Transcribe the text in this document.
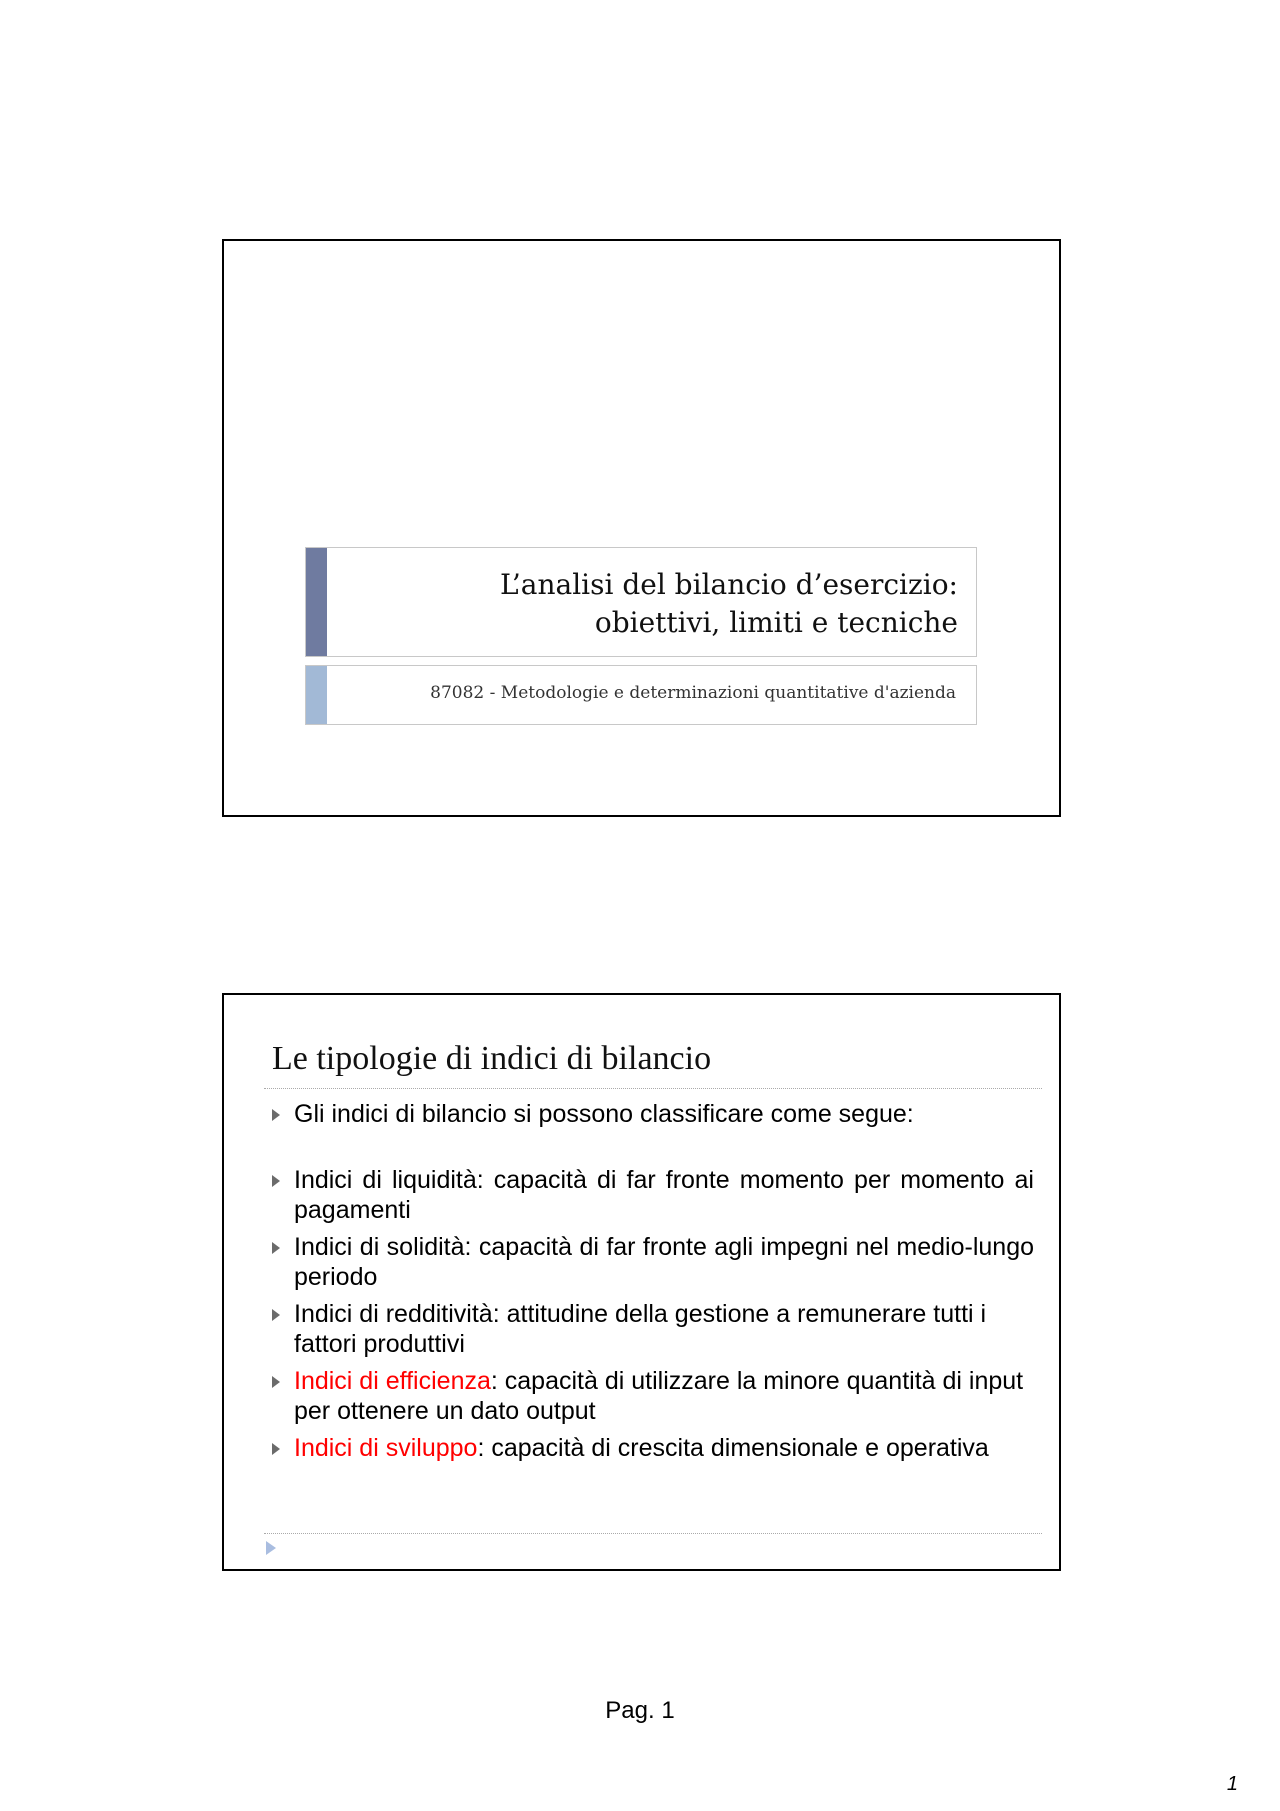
L’analisi del bilancio d’esercizio:
obiettivi, limiti e tecniche
87082 - Metodologie e determinazioni quantitative d'azienda
Le tipologie di indici di bilancio
Gli indici di bilancio si possono classificare come segue:
Indici di liquidità: capacità di far fronte momento per momento ai pagamenti
Indici di solidità: capacità di far fronte agli impegni nel medio-lungo periodo
Indici di redditività: attitudine della gestione a remunerare tutti i fattori produttivi
Indici di efficienza: capacità di utilizzare la minore quantità di input per ottenere un dato output
Indici di sviluppo: capacità di crescita dimensionale e operativa
Pag. 1
1
